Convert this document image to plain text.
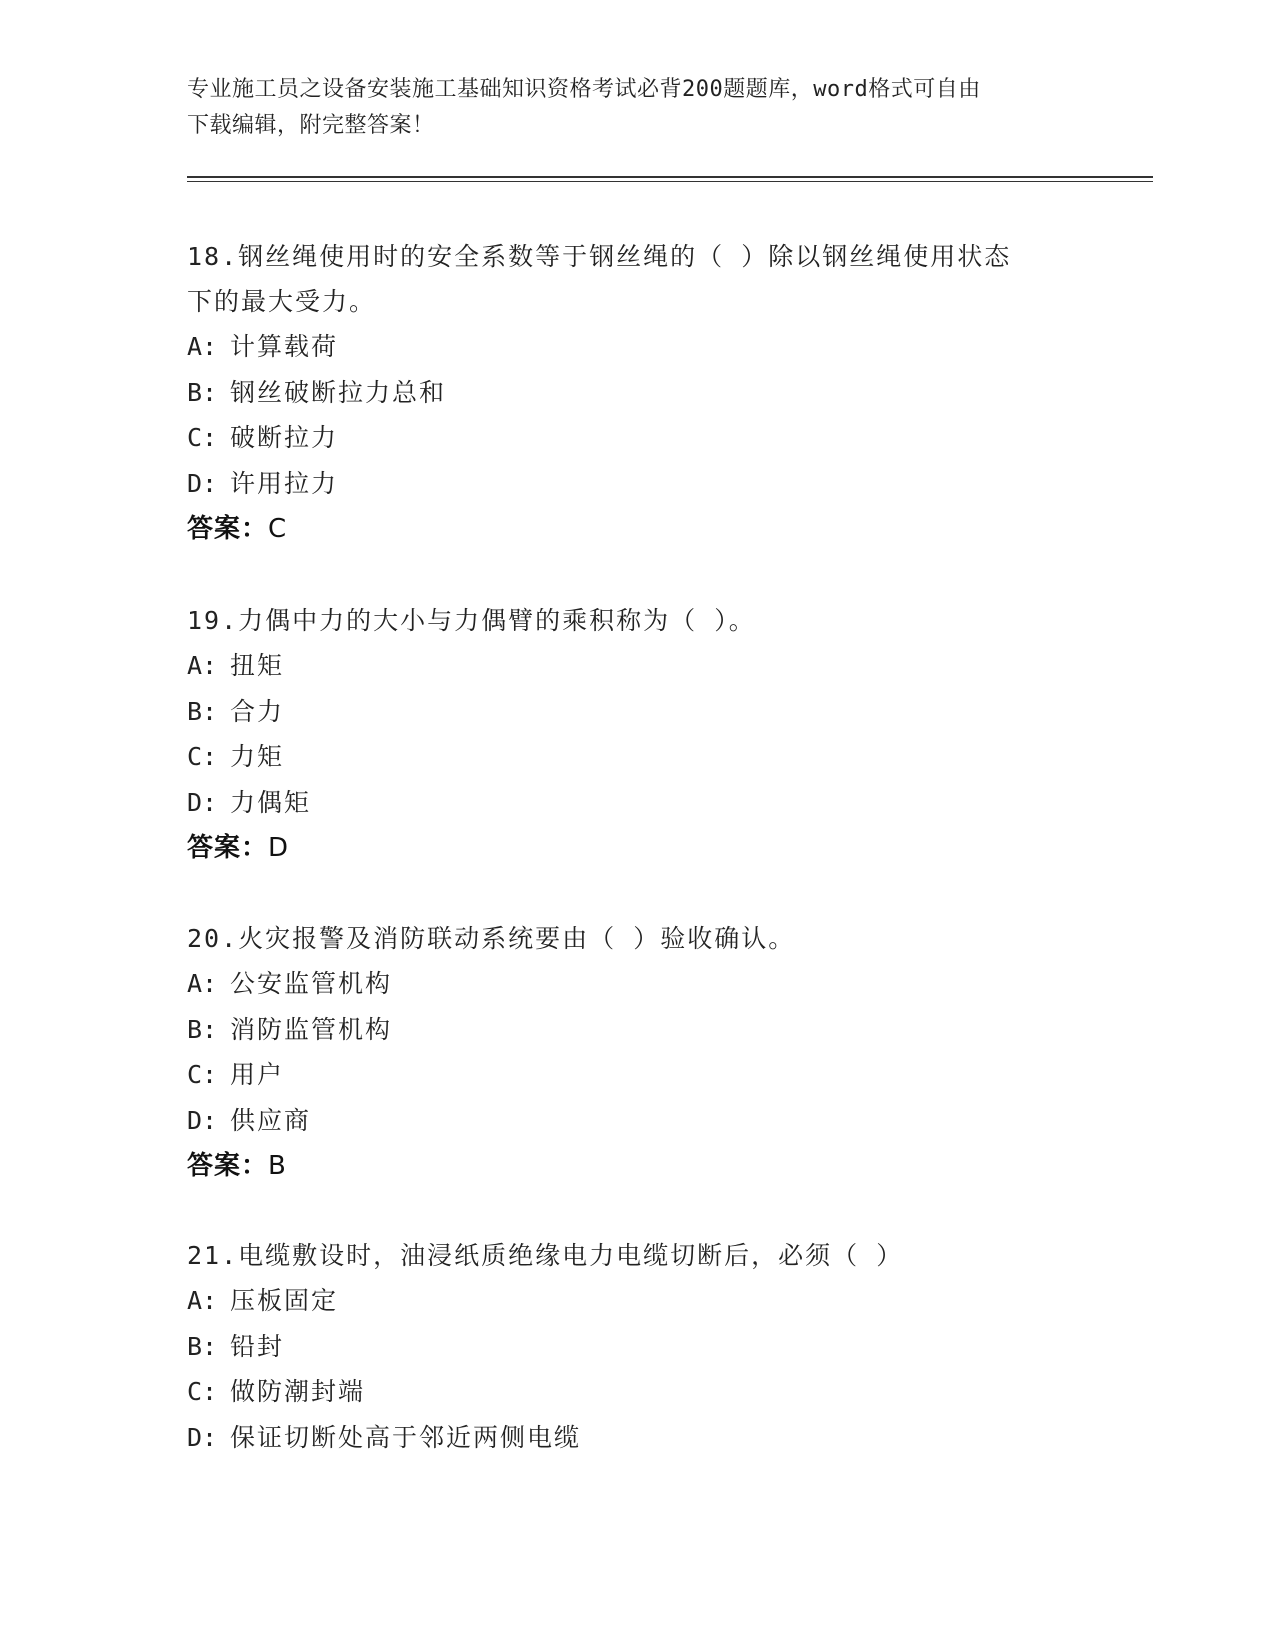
专业施工员之设备安装施工基础知识资格考试必背200题题库，word格式可自由
下载编辑，附完整答案！

18.钢丝绳使用时的安全系数等于钢丝绳的（ ）除以钢丝绳使用状态
下的最大受力。

A: 计算载荷

B: 钢丝破断拉力总和

C: 破断拉力

D: 许用拉力

答案：C

19.力偶中力的大小与力偶臂的乘积称为（ ）。

A: 扭矩

B: 合力

C: 力矩

D: 力偶矩

答案：D

20.火灾报警及消防联动系统要由（ ）验收确认。

A: 公安监管机构

B: 消防监管机构

C: 用户

D: 供应商

答案：B

21.电缆敷设时，油浸纸质绝缘电力电缆切断后，必须（ ）

A: 压板固定

B: 铅封

C: 做防潮封端

D: 保证切断处高于邻近两侧电缆
